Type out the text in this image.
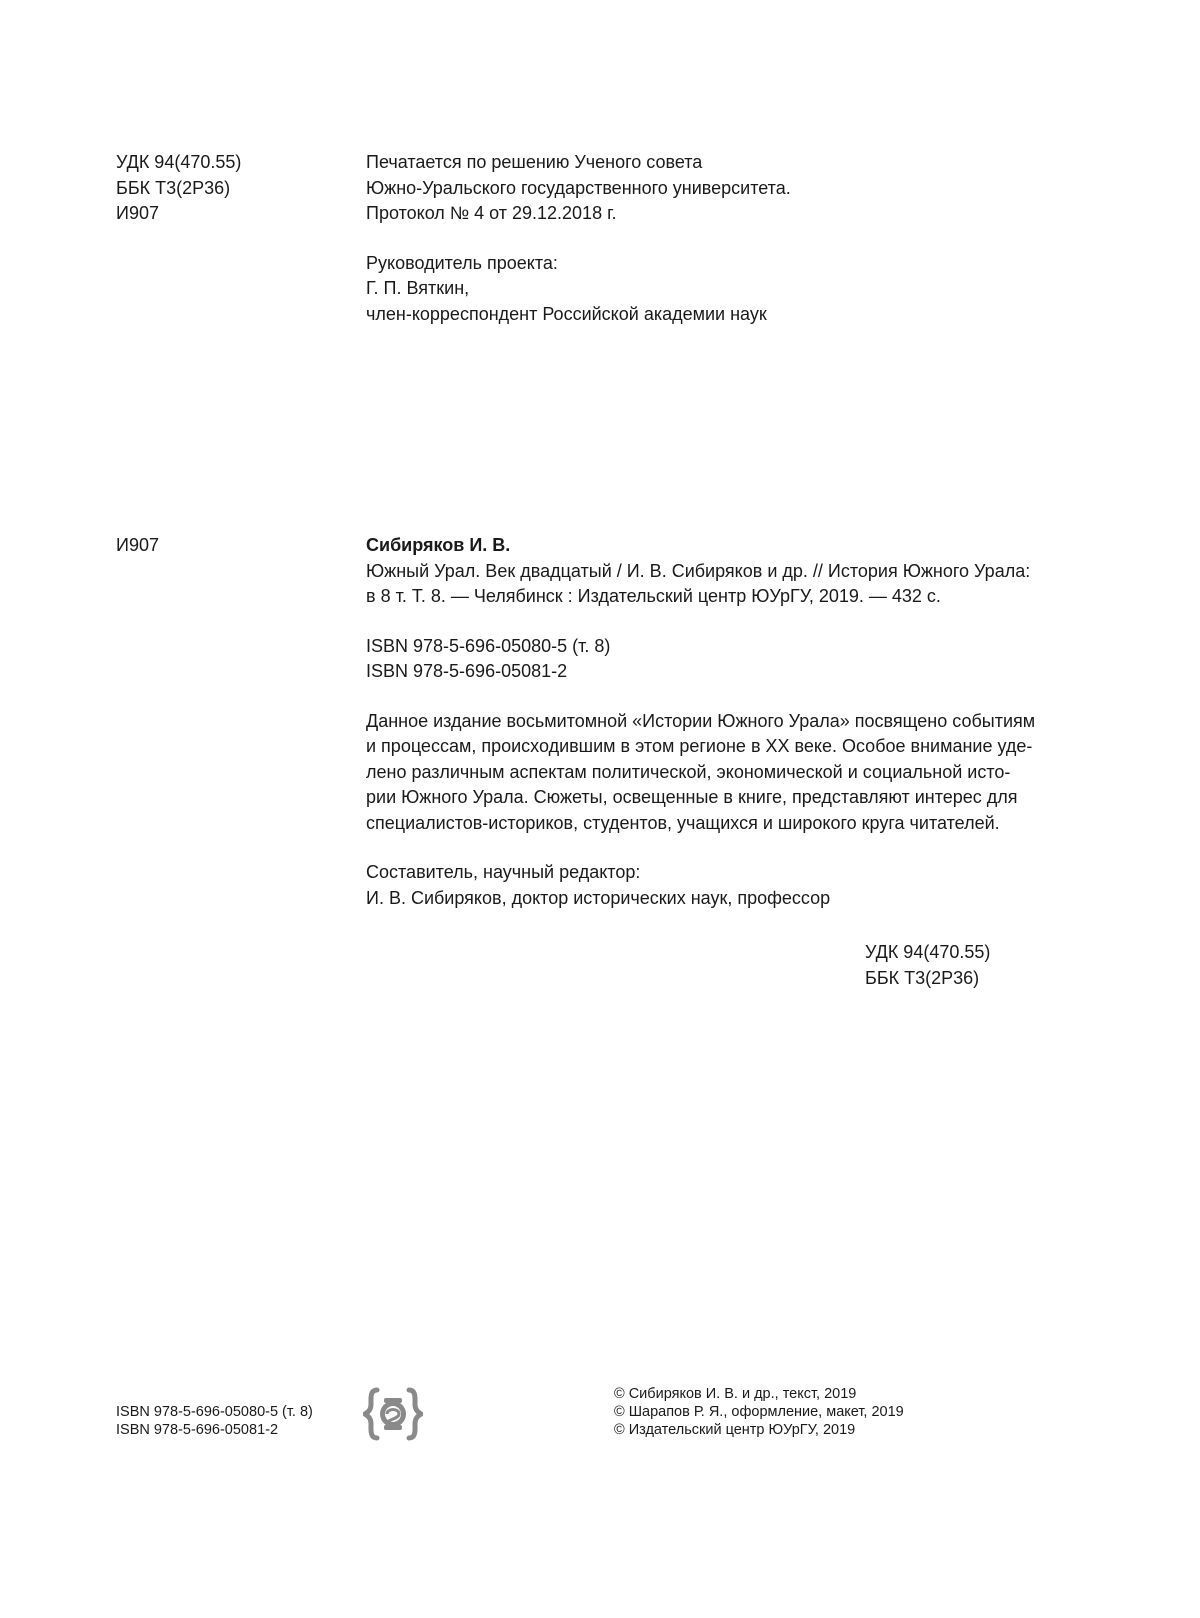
УДК 94(470.55)
ББК Т3(2Р36)
И907
Печатается по решению Ученого совета
Южно-Уральского государственного университета.
Протокол № 4 от 29.12.2018 г.
Руководитель проекта:
Г. П. Вяткин,
член-корреспондент Российской академии наук
И907	Сибиряков И. В.
Южный Урал. Век двадцатый / И. В. Сибиряков и др. // История Южного Урала:
в 8 т. Т. 8. — Челябинск : Издательский центр ЮУрГУ, 2019. — 432 с.
ISBN 978-5-696-05080-5 (т. 8)
ISBN 978-5-696-05081-2
Данное издание восьмитомной «Истории Южного Урала» посвящено событиям
и процессам, происходившим в этом регионе в XX веке. Особое внимание уде-
лено различным аспектам политической, экономической и социальной исто-
рии Южного Урала. Сюжеты, освещенные в книге, представляют интерес для
специалистов-историков, студентов, учащихся и широкого круга читателей.
Составитель, научный редактор:
И. В. Сибиряков, доктор исторических наук, профессор
УДК 94(470.55)
ББК Т3(2Р36)
ISBN 978-5-696-05080-5 (т. 8)
ISBN 978-5-696-05081-2
© Сибиряков И. В. и др., текст, 2019
© Шарапов Р. Я., оформление, макет, 2019
© Издательский центр ЮУрГУ, 2019
